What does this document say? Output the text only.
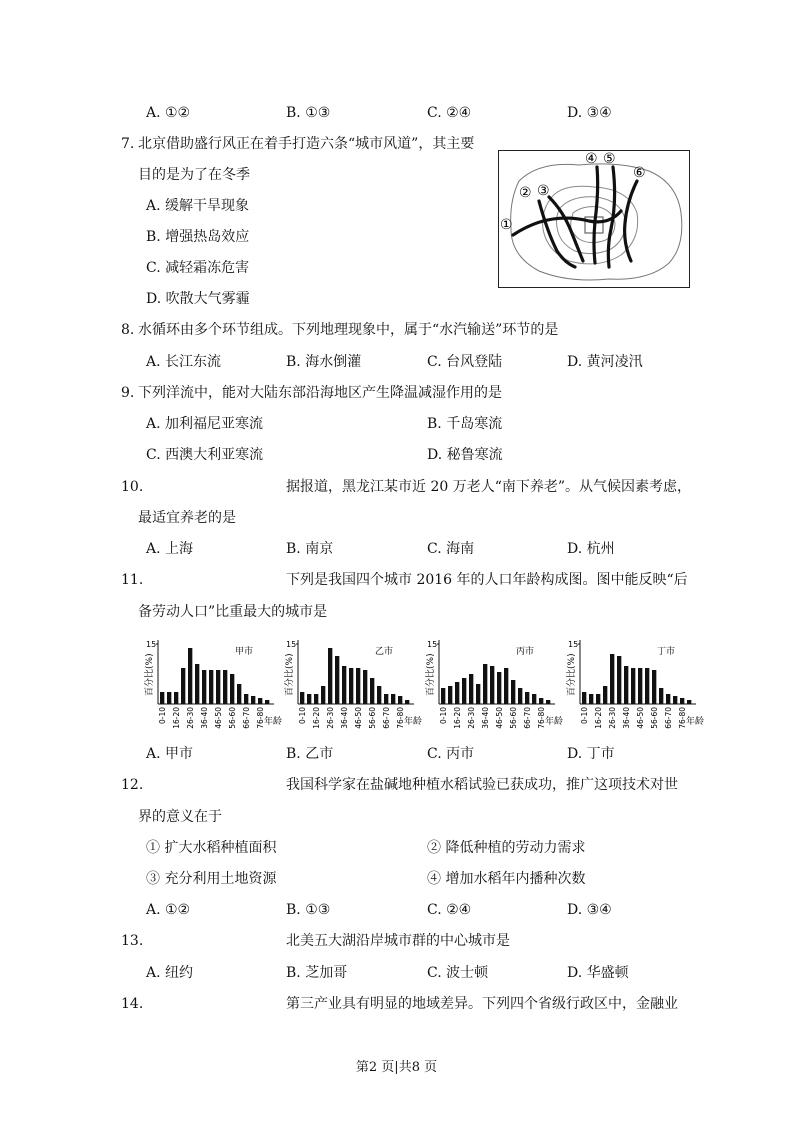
A. ①②	B. ①③	C. ②④	D. ③④
7. 北京借助盛行风正在着手打造六条“城市风道”，其主要
目的是为了在冬季
A. 缓解干旱现象
B. 增强热岛效应
C. 减轻霜冻危害
D. 吹散大气雾霾
①
② ③
④ ⑤
⑥
8. 水循环由多个环节组成。下列地理现象中，属于“水汽输送”环节的是
A. 长江东流	B. 海水倒灌	C. 台风登陆	D. 黄河凌汛
9. 下列洋流中，能对大陆东部沿海地区产生降温减湿作用的是
A. 加利福尼亚寒流	B. 千岛寒流
C. 西澳大利亚寒流	D. 秘鲁寒流
10.	据报道，黑龙江某市近 20 万老人“南下养老”。从气候因素考虑，
最适宜养老的是
A. 上海	B. 南京	C. 海南	D. 杭州
11.	下列是我国四个城市 2016 年的人口年龄构成图。图中能反映“后
备劳动人口”比重最大的城市是
15
百分比(%)
甲市
0-10 16-20 26-30 36-40 46-50 56-60 66-70 76-80
年龄
15
百分比(%)
乙市
0-10 16-20 26-30 36-40 46-50 56-60 66-70 76-80
年龄
15
百分比(%)
丙市
0-10 16-20 26-30 36-40 46-50 56-60 66-70 76-80
年龄
15
百分比(%)
丁市
0-10 16-20 26-30 36-40 46-50 56-60 66-70 76-80
年龄
A. 甲市	B. 乙市	C. 丙市	D. 丁市
12.	我国科学家在盐碱地种植水稻试验已获成功，推广这项技术对世
界的意义在于
① 扩大水稻种植面积	② 降低种植的劳动力需求
③ 充分利用土地资源	④ 增加水稻年内播种次数
A. ①②	B. ①③	C. ②④	D. ③④
13.	北美五大湖沿岸城市群的中心城市是
A. 纽约	B. 芝加哥	C. 波士顿	D. 华盛顿
14.	第三产业具有明显的地域差异。下列四个省级行政区中，金融业
第2 页|共8 页
